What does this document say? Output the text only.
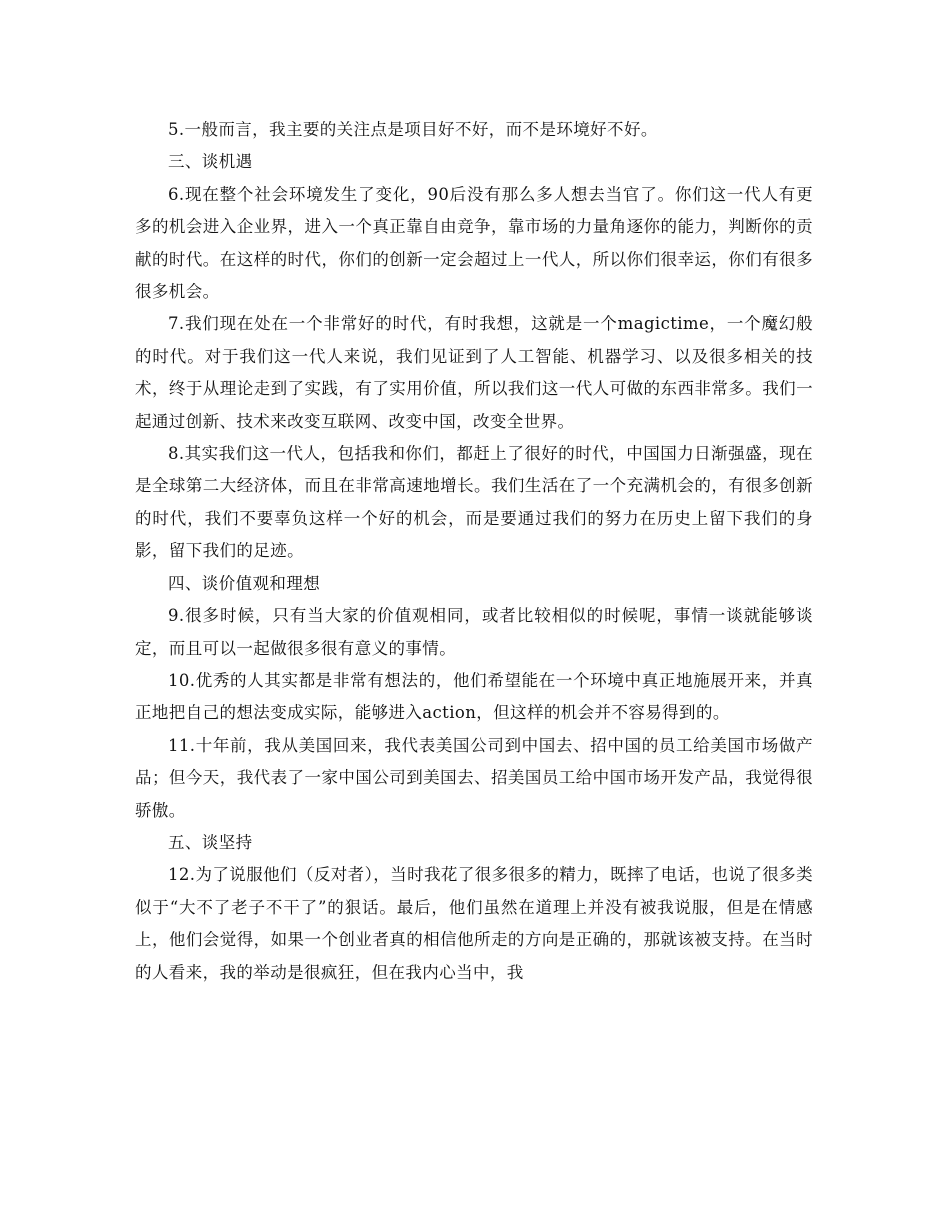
5.一般而言，我主要的关注点是项目好不好，而不是环境好不好。

三、谈机遇

6.现在整个社会环境发生了变化，90后没有那么多人想去当官了。你们这一代人有更多的机会进入企业界，进入一个真正靠自由竞争，靠市场的力量角逐你的能力，判断你的贡献的时代。在这样的时代，你们的创新一定会超过上一代人，所以你们很幸运，你们有很多很多机会。

7.我们现在处在一个非常好的时代，有时我想，这就是一个magictime，一个魔幻般的时代。对于我们这一代人来说，我们见证到了人工智能、机器学习、以及很多相关的技术，终于从理论走到了实践，有了实用价值，所以我们这一代人可做的东西非常多。我们一起通过创新、技术来改变互联网、改变中国，改变全世界。

8.其实我们这一代人，包括我和你们，都赶上了很好的时代，中国国力日渐强盛，现在是全球第二大经济体，而且在非常高速地增长。我们生活在了一个充满机会的，有很多创新的时代，我们不要辜负这样一个好的机会，而是要通过我们的努力在历史上留下我们的身影，留下我们的足迹。

四、谈价值观和理想

9.很多时候，只有当大家的价值观相同，或者比较相似的时候呢，事情一谈就能够谈定，而且可以一起做很多很有意义的事情。

10.优秀的人其实都是非常有想法的，他们希望能在一个环境中真正地施展开来，并真正地把自己的想法变成实际，能够进入action，但这样的机会并不容易得到的。

11.十年前，我从美国回来，我代表美国公司到中国去、招中国的员工给美国市场做产品；但今天，我代表了一家中国公司到美国去、招美国员工给中国市场开发产品，我觉得很骄傲。

五、谈坚持

12.为了说服他们（反对者），当时我花了很多很多的精力，既摔了电话，也说了很多类似于“大不了老子不干了”的狠话。最后，他们虽然在道理上并没有被我说服，但是在情感上，他们会觉得，如果一个创业者真的相信他所走的方向是正确的，那就该被支持。在当时的人看来，我的举动是很疯狂，但在我内心当中，我
